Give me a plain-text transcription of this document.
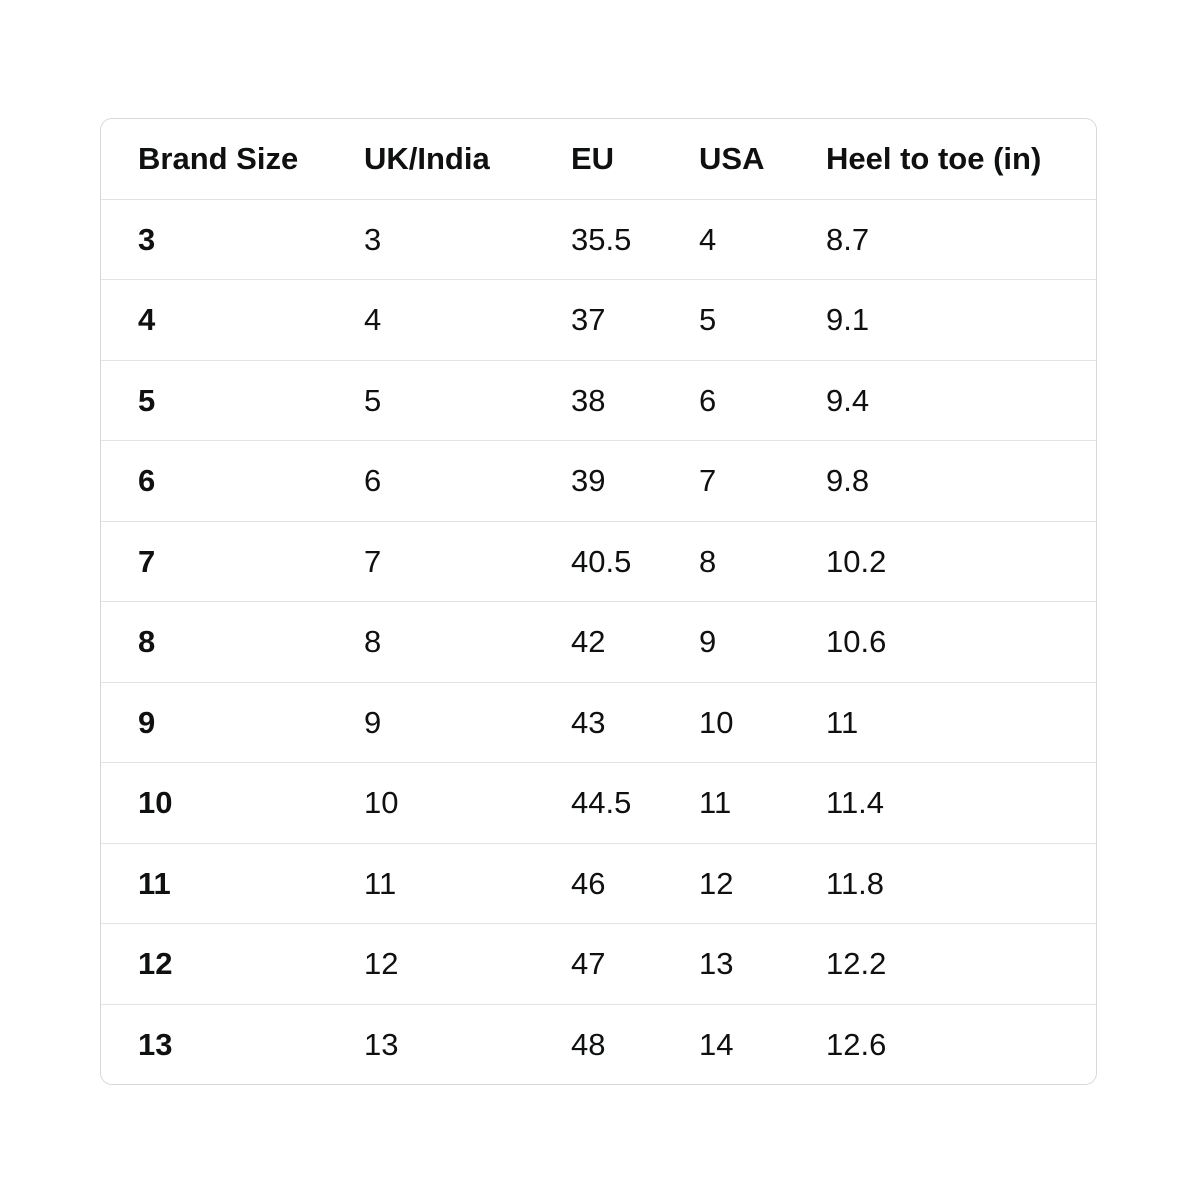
Brand Size	UK/India	EU	USA	Heel to toe (in)
3	3	35.5	4	8.7
4	4	37	5	9.1
5	5	38	6	9.4
6	6	39	7	9.8
7	7	40.5	8	10.2
8	8	42	9	10.6
9	9	43	10	11
10	10	44.5	11	11.4
11	11	46	12	11.8
12	12	47	13	12.2
13	13	48	14	12.6
